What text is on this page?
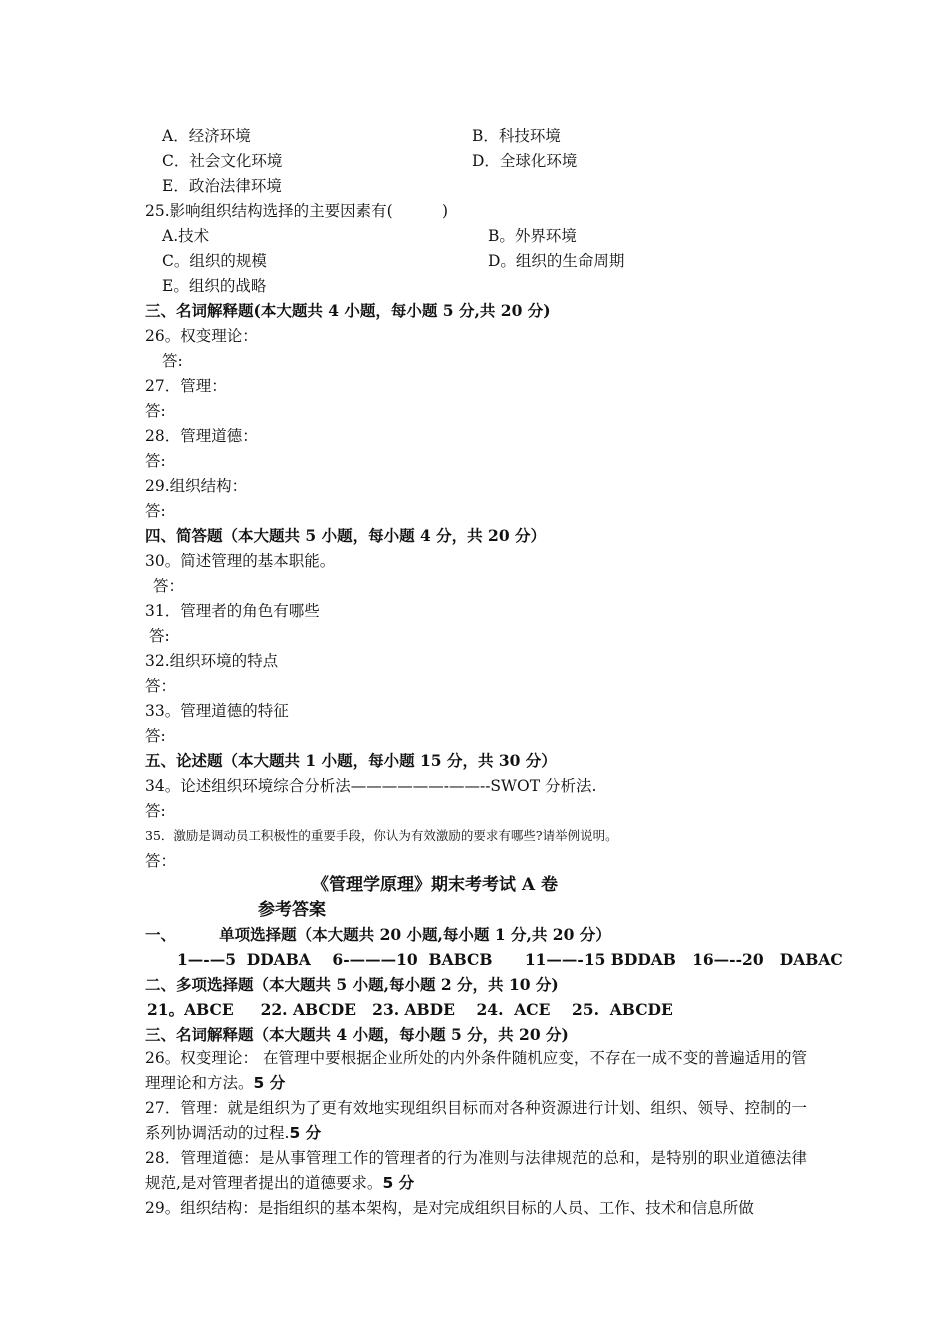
A．经济环境	B．科技环境
C．社会文化环境	D．全球化环境
E．政治法律环境
25.影响组织结构选择的主要因素有(          )
A.技术	B。外界环境
C。组织的规模	D。组织的生命周期
E。组织的战略
三、名词解释题(本大题共 4 小题，每小题 5 分,共 20 分)
26。权变理论：
答:
27．管理：
答:
28．管理道德：
答:
29.组织结构：
答:
四、简答题（本大题共 5 小题，每小题 4 分，共 20 分）
30。简述管理的基本职能。
答：
31．管理者的角色有哪些
答:
32.组织环境的特点
答：
33。管理道德的特征
答:
五、论述题（本大题共 1 小题，每小题 15 分，共 30 分）
34。论述组织环境综合分析法——————-——--SWOT 分析法.
答:
35．激励是调动员工积极性的重要手段，你认为有效激励的要求有哪些?请举例说明。
答：
《管理学原理》期末考考试 A 卷
参考答案
一、        单项选择题（本大题共 20 小题,每小题 1 分,共 20 分）
1—-—5  DDABA    6-———10  BABCB      11——-15 BDDAB   16—--20   DABAC
二、多项选择题（本大题共 5 小题,每小题 2 分，共 10 分)
21。ABCE     22. ABCDE   23. ABDE    24.  ACE    25.  ABCDE
三、名词解释题（本大题共 4 小题，每小题 5 分，共 20 分)
26。权变理论： 在管理中要根据企业所处的内外条件随机应变，不存在一成不变的普遍适用的管理理论和方法。5 分
27．管理：就是组织为了更有效地实现组织目标而对各种资源进行计划、组织、领导、控制的一系列协调活动的过程.5 分
28．管理道德：是从事管理工作的管理者的行为准则与法律规范的总和，是特别的职业道德法律规范,是对管理者提出的道德要求。5 分
29。组织结构：是指组织的基本架构，是对完成组织目标的人员、工作、技术和信息所做
